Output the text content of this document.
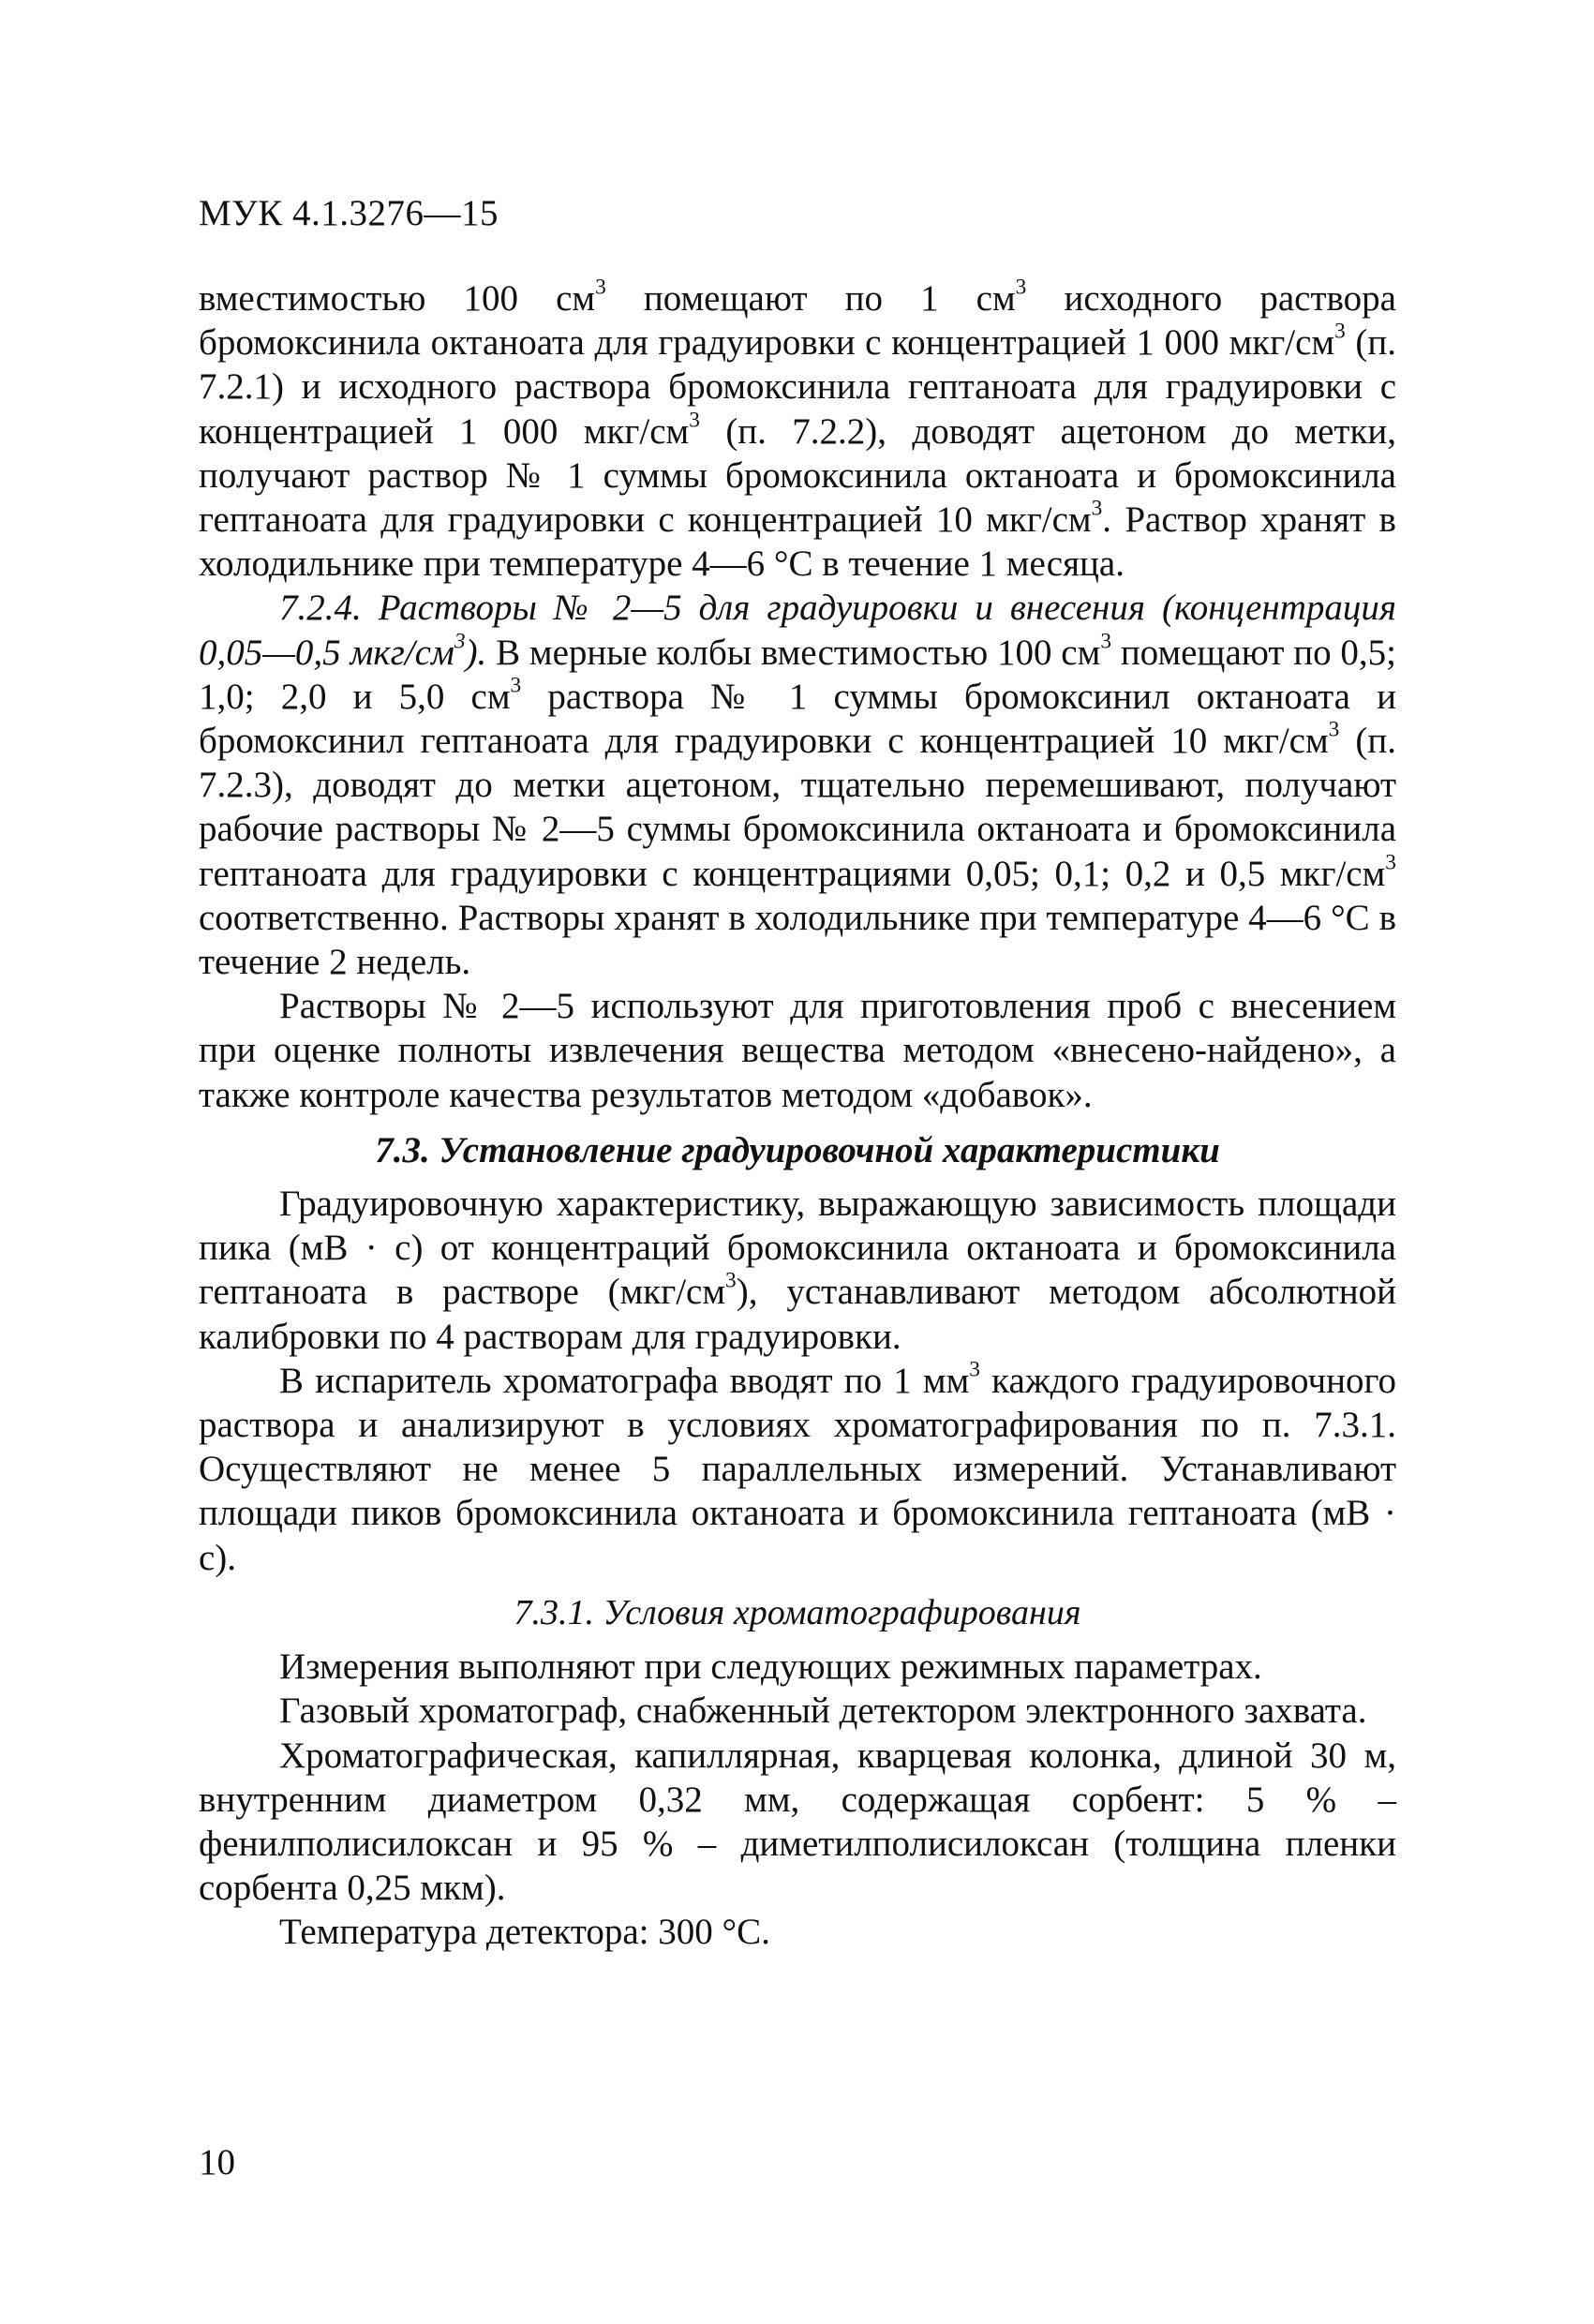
МУК 4.1.3276—15

вместимостью 100 $см^3$ помещают по 1 $см^3$ исходного раствора бромоксинила октаноата для градуировки с концентрацией 1 000 мкг/$см^3$ (п. 7.2.1) и исходного раствора бромоксинила гептаноата для градуировки с концентрацией 1 000 мкг/$см^3$ (п. 7.2.2), доводят ацетоном до метки, получают раствор № 1 суммы бромоксинила октаноата и бромоксинила гептаноата для градуировки с концентрацией 10 мкг/$см^3$. Раствор хранят в холодильнике при температуре 4—6 °С в течение 1 месяца.

7.2.4. Растворы № 2—5 для градуировки и внесения (концентрация 0,05—0,5 мкг/$см^3$). В мерные колбы вместимостью 100 $см^3$ помещают по 0,5; 1,0; 2,0 и 5,0 $см^3$ раствора № 1 суммы бромоксинил октаноата и бромоксинил гептаноата для градуировки с концентрацией 10 мкг/$см^3$ (п. 7.2.3), доводят до метки ацетоном, тщательно перемешивают, получают рабочие растворы № 2—5 суммы бромоксинила октаноата и бромоксинила гептаноата для градуировки с концентрациями 0,05; 0,1; 0,2 и 0,5 мкг/$см^3$ соответственно. Растворы хранят в холодильнике при температуре 4—6 °С в течение 2 недель.

Растворы № 2—5 используют для приготовления проб с внесением при оценке полноты извлечения вещества методом «внесено-найдено», а также контроле качества результатов методом «добавок».

7.3. Установление градуировочной характеристики

Градуировочную характеристику, выражающую зависимость площади пика (мВ · с) от концентраций бромоксинила октаноата и бромоксинила гептаноата в растворе $(мкг/см^3)$, устанавливают методом абсолютной калибровки по 4 растворам для градуировки.

В испаритель хроматографа вводят по 1 $мм^3$ каждого градуировочного раствора и анализируют в условиях хроматографирования по п. 7.3.1. Осуществляют не менее 5 параллельных измерений. Устанавливают площади пиков бромоксинила октаноата и бромоксинила гептаноата (мВ · с).

7.3.1. Условия хроматографирования

Измерения выполняют при следующих режимных параметрах.

Газовый хроматограф, снабженный детектором электронного захвата.

Хроматографическая, капиллярная, кварцевая колонка, длиной 30 м, внутренним диаметром 0,32 мм, содержащая сорбент: 5 % – фенилполисилоксан и 95 % – диметилполисилоксан (толщина пленки сорбента 0,25 мкм).

Температура детектора: 300 °С.

10
